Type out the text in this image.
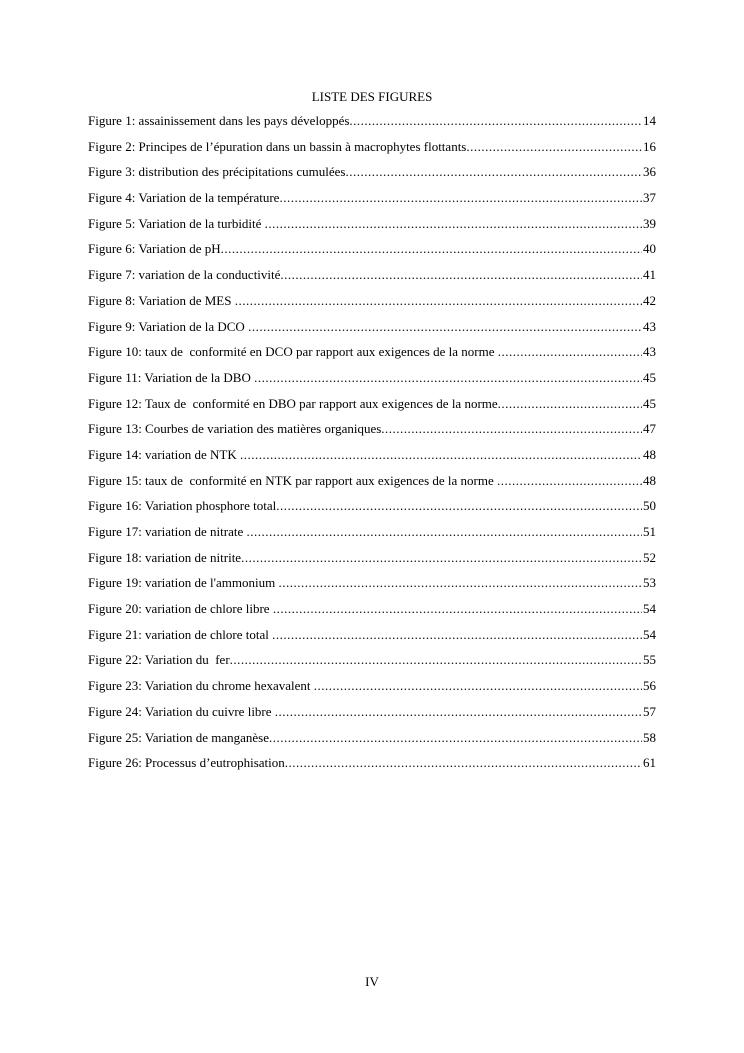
LISTE DES FIGURES
Figure 1: assainissement dans les pays développés .....	14
Figure 2: Principes de l’épuration dans un bassin à macrophytes flottants .....	16
Figure 3: distribution des précipitations cumulées .....	36
Figure 4: Variation de la température .....	37
Figure 5: Variation de la turbidité .....	39
Figure 6: Variation de pH .....	40
Figure 7: variation de la conductivité .....	41
Figure 8: Variation de MES .....	42
Figure 9: Variation de la DCO .....	43
Figure 10: taux de  conformité en DCO par rapport aux exigences de la norme .....	43
Figure 11: Variation de la DBO .....	45
Figure 12: Taux de  conformité en DBO par rapport aux exigences de la norme .....	45
Figure 13: Courbes de variation des matières organiques .....	47
Figure 14: variation de NTK .....	48
Figure 15: taux de  conformité en NTK par rapport aux exigences de la norme .....	48
Figure 16: Variation phosphore total .....	50
Figure 17: variation de nitrate .....	51
Figure 18: variation de nitrite .....	52
Figure 19: variation de l'ammonium .....	53
Figure 20: variation de chlore libre .....	54
Figure 21: variation de chlore total .....	54
Figure 22: Variation du  fer .....	55
Figure 23: Variation du chrome hexavalent .....	56
Figure 24: Variation du cuivre libre .....	57
Figure 25: Variation de manganèse .....	58
Figure 26: Processus d’eutrophisation .....	61
IV
